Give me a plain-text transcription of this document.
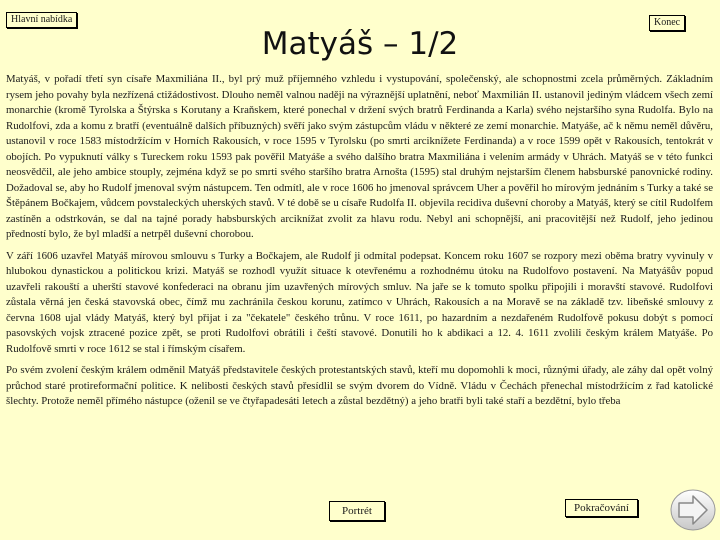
Hlavní nabídka	Konec
Matyáš – 1/2

Matyáš, v pořadí třetí syn císaře Maxmiliána II., byl prý muž příjemného vzhledu i vystupování, společenský, ale schopnostmi zcela průměrných. Základním rysem jeho povahy byla nezřízená ctižádostivost. Dlouho neměl valnou naději na výraznější uplatnění, neboť Maxmilián II. ustanovil jediným vládcem všech zemí monarchie (kromě Tyrolska a Štýrska s Korutany a Kraňskem, které ponechal v držení svých bratrů Ferdinanda a Karla) svého nejstaršího syna Rudolfa. Bylo na Rudolfovi, zda a komu z bratří (eventuálně dalších příbuzných) svěří jako svým zástupcům vládu v některé ze zemí monarchie. Matyášе, ač k němu neměl důvěru, ustanovil v roce 1583 místodržícím v Horních Rakousích, v roce 1595 v Tyrolsku (po smrti arciknížete Ferdinanda) a v roce 1599 opět v Rakousích, tentokrát v obojích. Po vypuknutí války s Tureckem roku 1593 pak pověřil Matyáše a svého dalšího bratra Maxmiliána i velením armády v Uhrách. Matyáš se v této funkci neosvědčil, ale jeho ambice stouply, zejména když se po smrti svého staršího bratra Arnošta (1595) stal druhým nejstarším členem habsburské panovnické rodiny. Dožadoval se, aby ho Rudolf jmenoval svým nástupcem. Ten odmítl, ale v roce 1606 ho jmenoval správcem Uher a pověřil ho mírovým jednáním s Turky a také se Štěpánem Bočkajem, vůdcem povstaleckých uherských stavů. V té době se u císaře Rudolfa II. objevila recidiva duševní choroby a Matyáš, který se cítil Rudolfem zastíněn a odstrkován, se dal na tajné porady habsburských arciknížat zvolit za hlavu rodu. Nebyl ani schopnější, ani pracovitější než Rudolf, jeho jedinou předností bylo, že byl mladší a netrpěl duševní chorobou.

V září 1606 uzavřel Matyáš mírovou smlouvu s Turky a Bočkajem, ale Rudolf ji odmítal podepsat. Koncem roku 1607 se rozpory mezi oběma bratry vyvinuly v hlubokou dynastickou a politickou krizi. Matyáš se rozhodl využít situace k otevřenému a rozhodnému útoku na Rudolfovo postavení. Na Matyášův popud uzavřeli rakouští a uherští stavové konfederaci na obranu jím uzavřených mírových smluv. Na jaře se k tomuto spolku připojili i moravští stavové. Rudolfovi zůstala věrná jen česká stavovská obec, čímž mu zachránila českou korunu, zatímco v Uhrách, Rakousích a na Moravě se na základě tzv. libeňské smlouvy z června 1608 ujal vlády Matyáš, který byl přijat i za "čekatele" českého trůnu. V roce 1611, po hazardním a nezdařeném Rudolfově pokusu dobýt s pomocí pasovských vojsk ztracené pozice zpět, se proti Rudolfovi obrátili i čeští stavové. Donutili ho k abdikaci a 12. 4. 1611 zvolili českým králem Matyáše. Po Rudolfově smrti v roce 1612 se stal i římským císařem.

Po svém zvolení českým králem odměnil Matyáš představitele českých protestantských stavů, kteří mu dopomohli k moci, různými úřady, ale záhy dal opět volný průchod staré protireformační politice. K nelibosti českých stavů přesídlil se svým dvorem do Vídně. Vládu v Čechách přenechal místodržícím z řad katolické šlechty. Protože neměl přímého nástupce (oženil se ve čtyřapadesáti letech a zůstal bezdětný) a jeho bratři byli také staří a bezdětní, bylo třeba

Portrét	Pokračování
